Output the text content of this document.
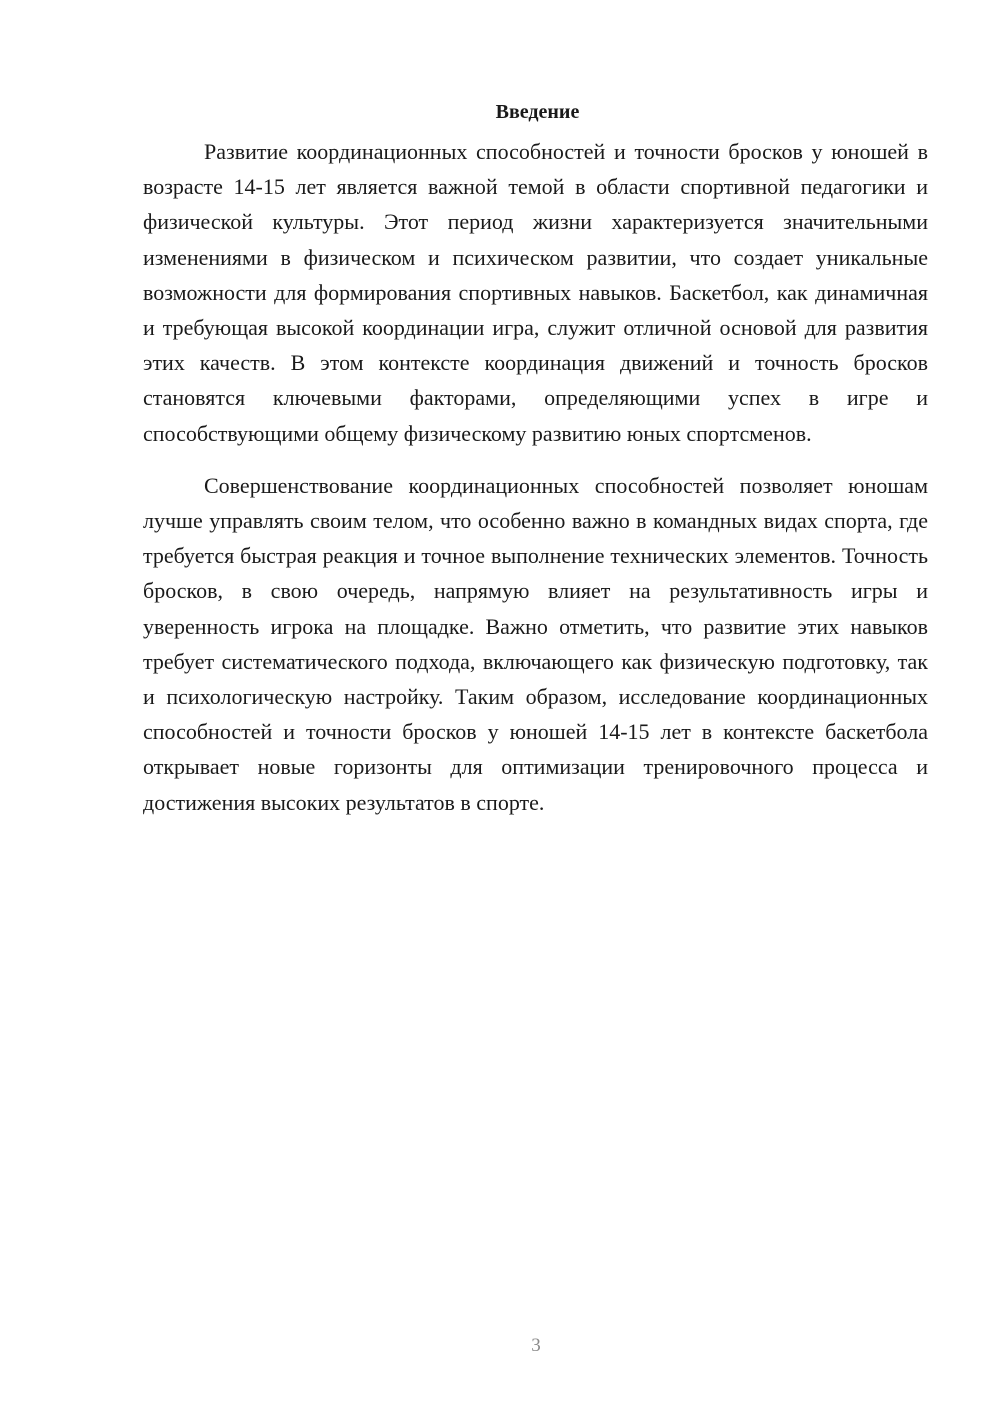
Введение

Развитие координационных способностей и точности бросков у юношей в возрасте 14-15 лет является важной темой в области спортивной педагогики и физической культуры. Этот период жизни характеризуется значительными изменениями в физическом и психическом развитии, что создает уникальные возможности для формирования спортивных навыков. Баскетбол, как динамичная и требующая высокой координации игра, служит отличной основой для развития этих качеств. В этом контексте координация движений и точность бросков становятся ключевыми факторами, определяющими успех в игре и способствующими общему физическому развитию юных спортсменов.

Совершенствование координационных способностей позволяет юношам лучше управлять своим телом, что особенно важно в командных видах спорта, где требуется быстрая реакция и точное выполнение технических элементов. Точность бросков, в свою очередь, напрямую влияет на результативность игры и уверенность игрока на площадке. Важно отметить, что развитие этих навыков требует систематического подхода, включающего как физическую подготовку, так и психологическую настройку. Таким образом, исследование координационных способностей и точности бросков у юношей 14-15 лет в контексте баскетбола открывает новые горизонты для оптимизации тренировочного процесса и достижения высоких результатов в спорте.

3
